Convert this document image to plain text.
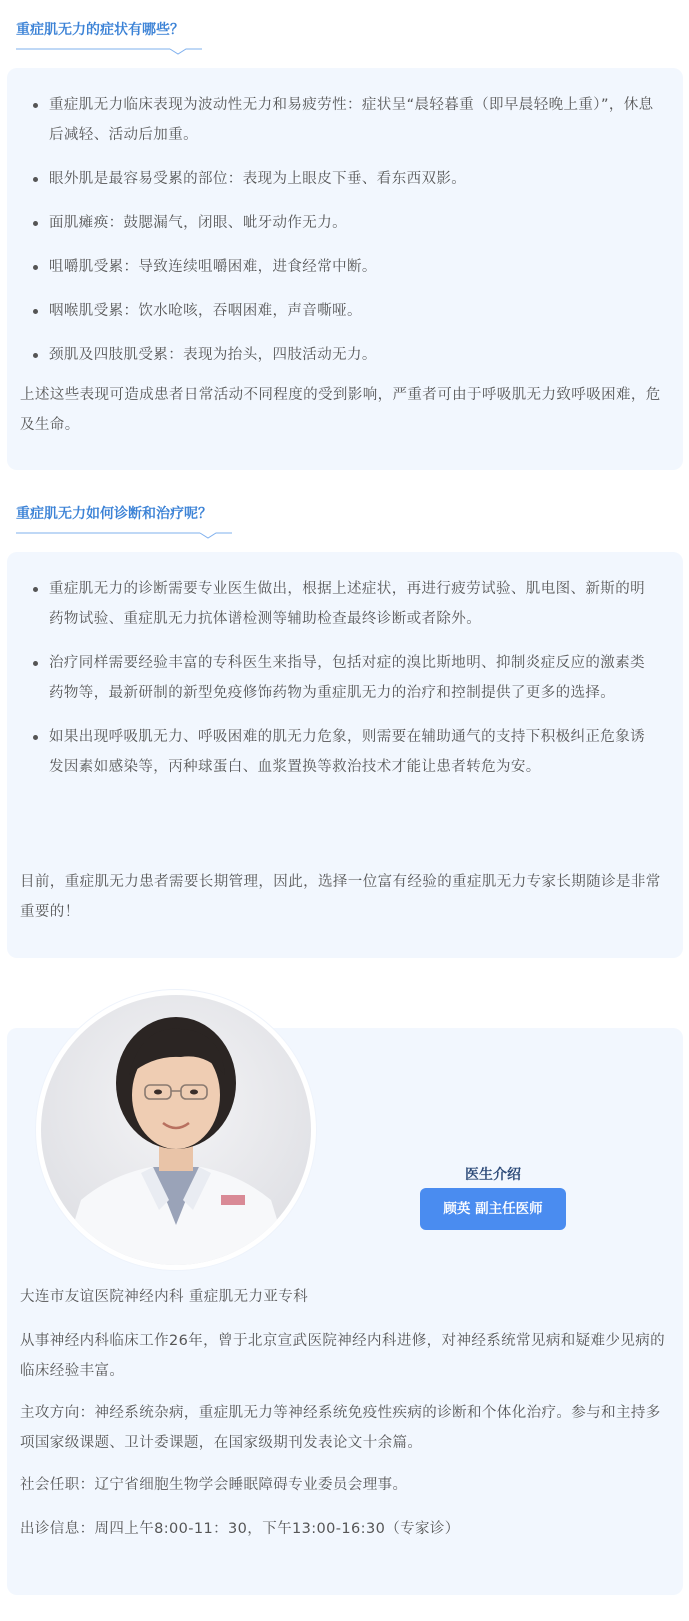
重症肌无力的症状有哪些？
重症肌无力临床表现为波动性无力和易疲劳性：症状呈“晨轻暮重（即早晨轻晚上重）”，休息后减轻、活动后加重。
眼外肌是最容易受累的部位：表现为上眼皮下垂、看东西双影。
面肌瘫痪：鼓腮漏气，闭眼、呲牙动作无力。
咀嚼肌受累：导致连续咀嚼困难，进食经常中断。
咽喉肌受累：饮水呛咳，吞咽困难，声音嘶哑。
颈肌及四肢肌受累：表现为抬头，四肢活动无力。
上述这些表现可造成患者日常活动不同程度的受到影响，严重者可由于呼吸肌无力致呼吸困难，危及生命。
重症肌无力如何诊断和治疗呢？
重症肌无力的诊断需要专业医生做出，根据上述症状，再进行疲劳试验、肌电图、新斯的明药物试验、重症肌无力抗体谱检测等辅助检查最终诊断或者除外。
治疗同样需要经验丰富的专科医生来指导，包括对症的溴比斯地明、抑制炎症反应的激素类药物等，最新研制的新型免疫修饰药物为重症肌无力的治疗和控制提供了更多的选择。
如果出现呼吸肌无力、呼吸困难的肌无力危象，则需要在辅助通气的支持下积极纠正危象诱发因素如感染等，丙种球蛋白、血浆置换等救治技术才能让患者转危为安。
目前，重症肌无力患者需要长期管理，因此，选择一位富有经验的重症肌无力专家长期随诊是非常重要的！
医生介绍
顾英 副主任医师
大连市友谊医院神经内科 重症肌无力亚专科
从事神经内科临床工作26年，曾于北京宣武医院神经内科进修，对神经系统常见病和疑难少见病的临床经验丰富。
主攻方向：神经系统杂病，重症肌无力等神经系统免疫性疾病的诊断和个体化治疗。参与和主持多项国家级课题、卫计委课题，在国家级期刊发表论文十余篇。
社会任职：辽宁省细胞生物学会睡眠障碍专业委员会理事。
出诊信息：周四上午8:00-11：30，下午13:00-16:30（专家诊）
